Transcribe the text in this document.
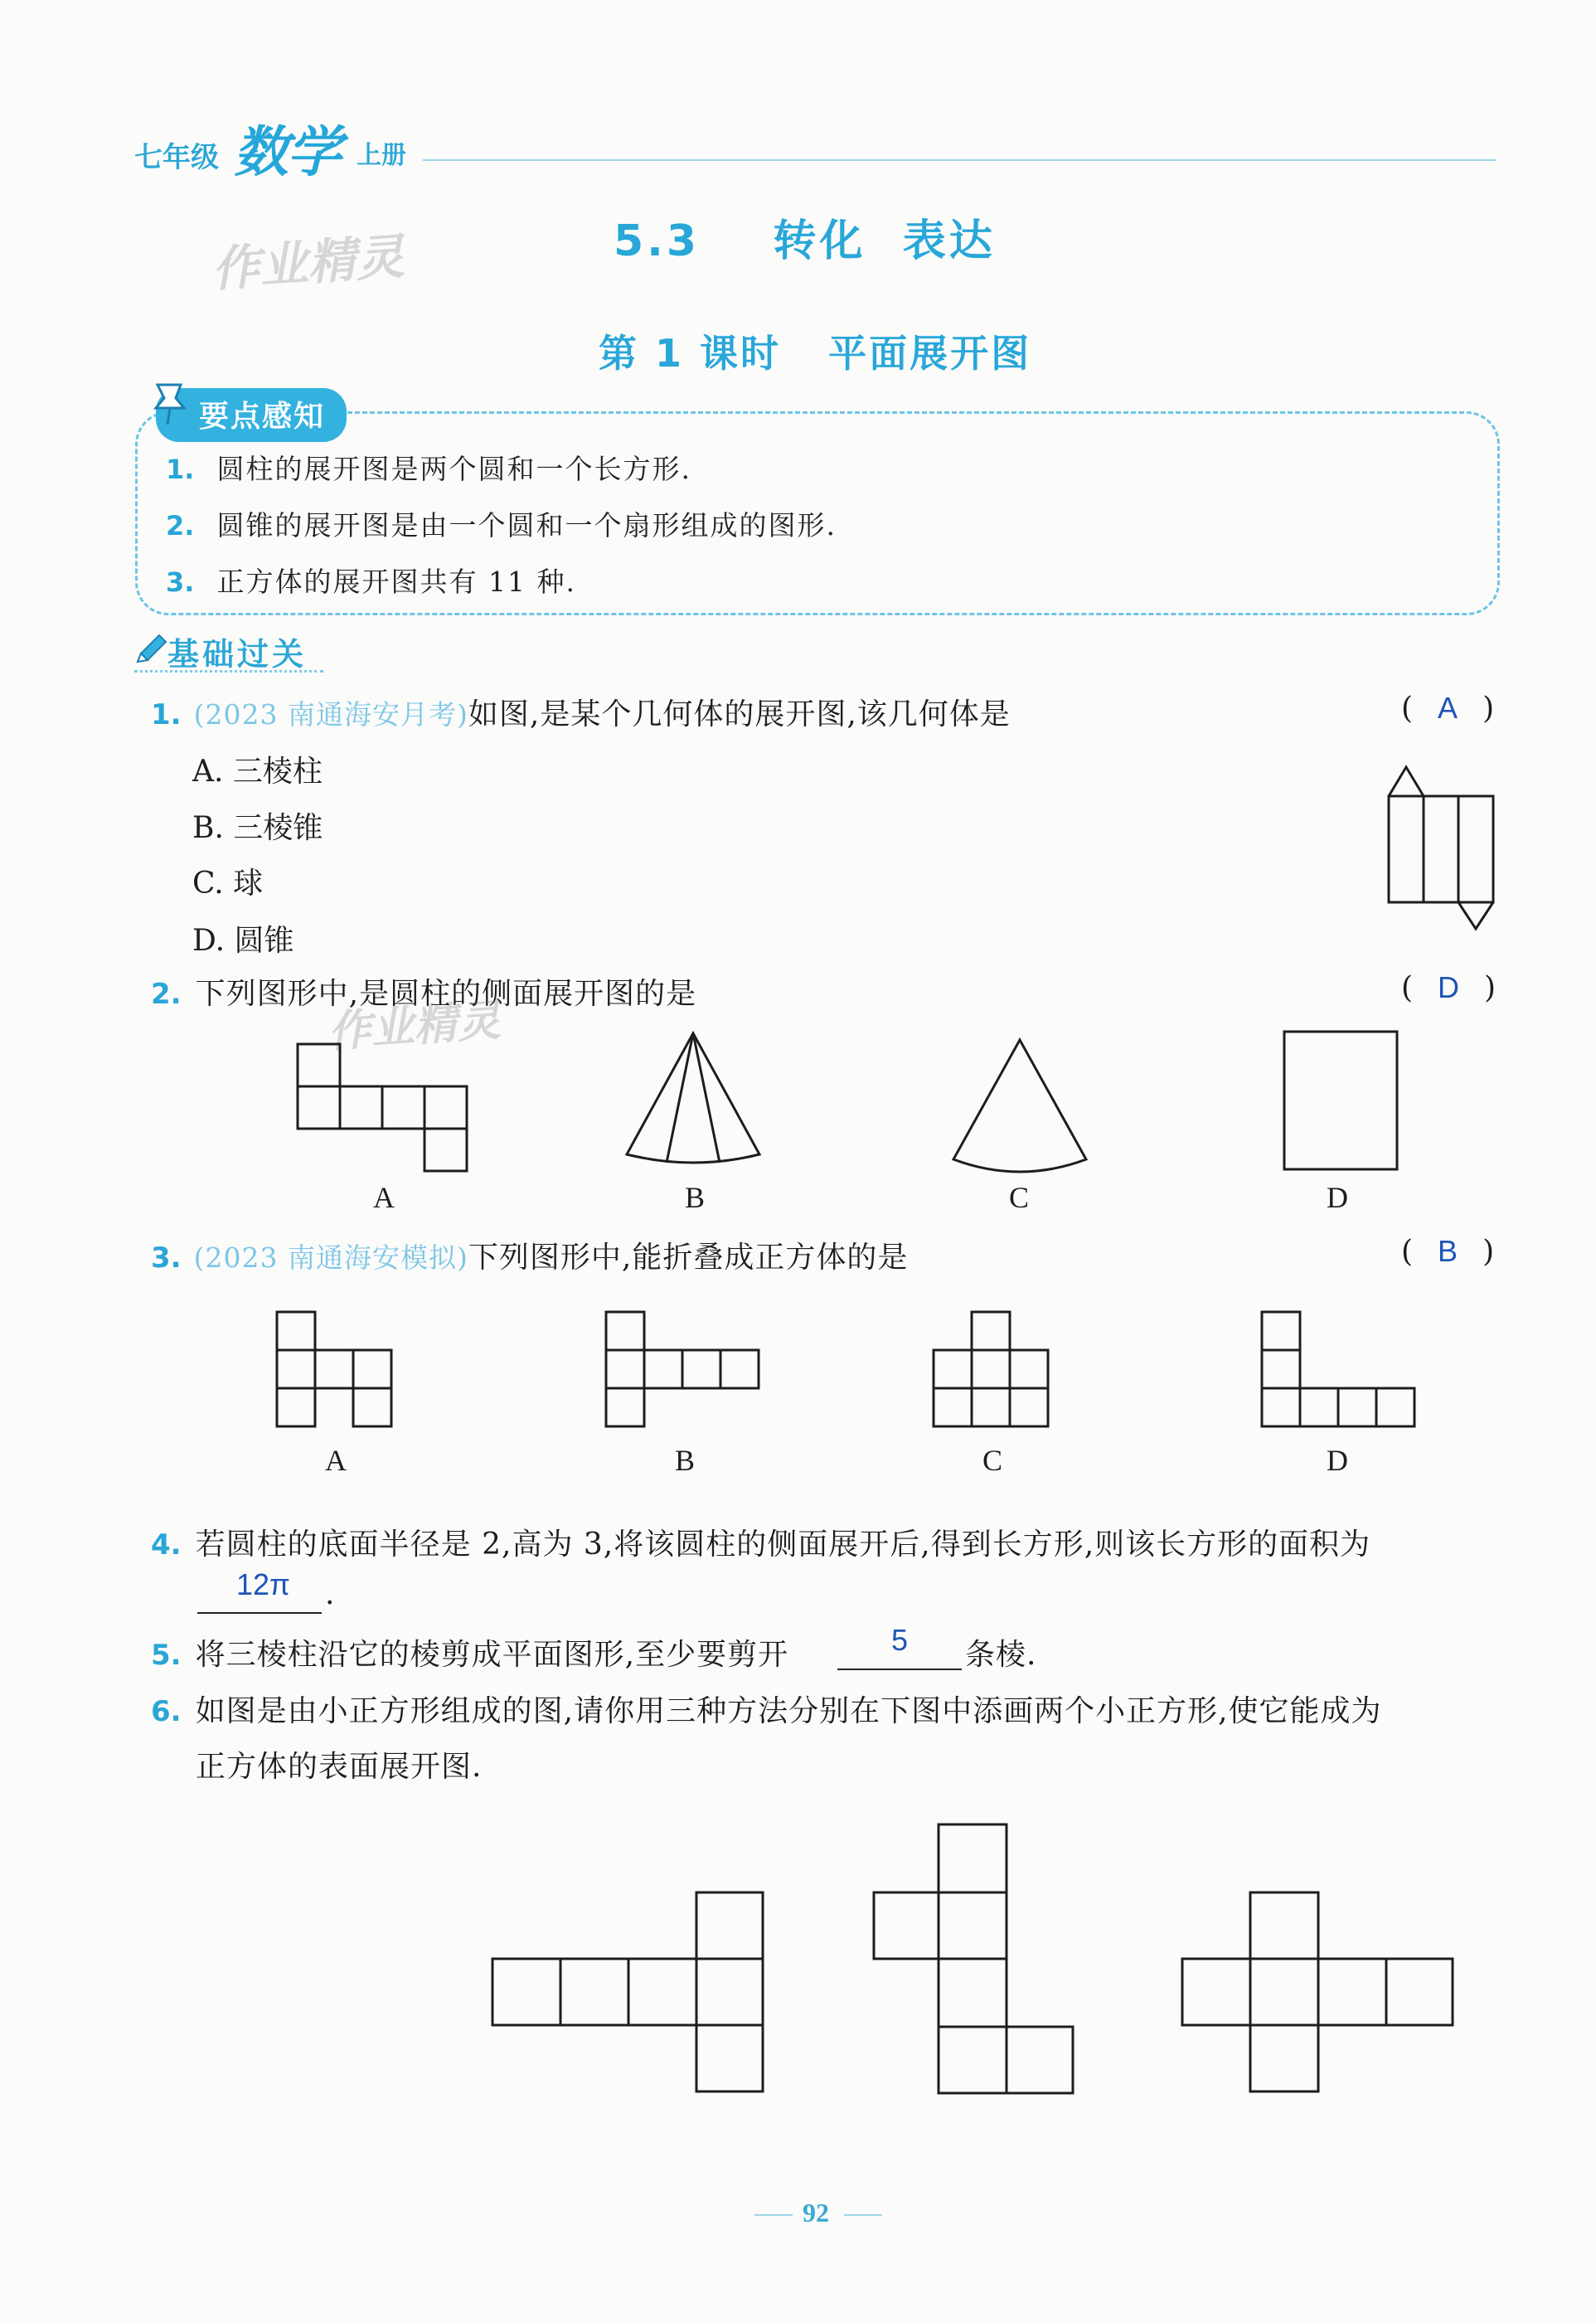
七年级 数学 上册
作业精灵	5.3 转化  表达
第 1 课时 平面展开图
要点感知
1. 圆柱的展开图是两个圆和一个长方形.
2. 圆锥的展开图是由一个圆和一个扇形组成的图形.
3. 正方体的展开图共有 11 种.
基础过关
1. (2023 南通海安月考)如图,是某个几何体的展开图,该几何体是	( A )
A. 三棱柱
B. 三棱锥
C. 球
D. 圆锥
2. 下列图形中,是圆柱的侧面展开图的是	( D )
作业精灵
A	B	C	D
3. (2023 南通海安模拟)下列图形中,能折叠成正方体的是	( B )
A	B	C	D
4. 若圆柱的底面半径是 2,高为 3,将该圆柱的侧面展开后,得到长方形,则该长方形的面积为
12π .
5. 将三棱柱沿它的棱剪成平面图形,至少要剪开	5 条棱.
6. 如图是由小正方形组成的图,请你用三种方法分别在下图中添画两个小正方形,使它能成为
正方体的表面展开图.
92
